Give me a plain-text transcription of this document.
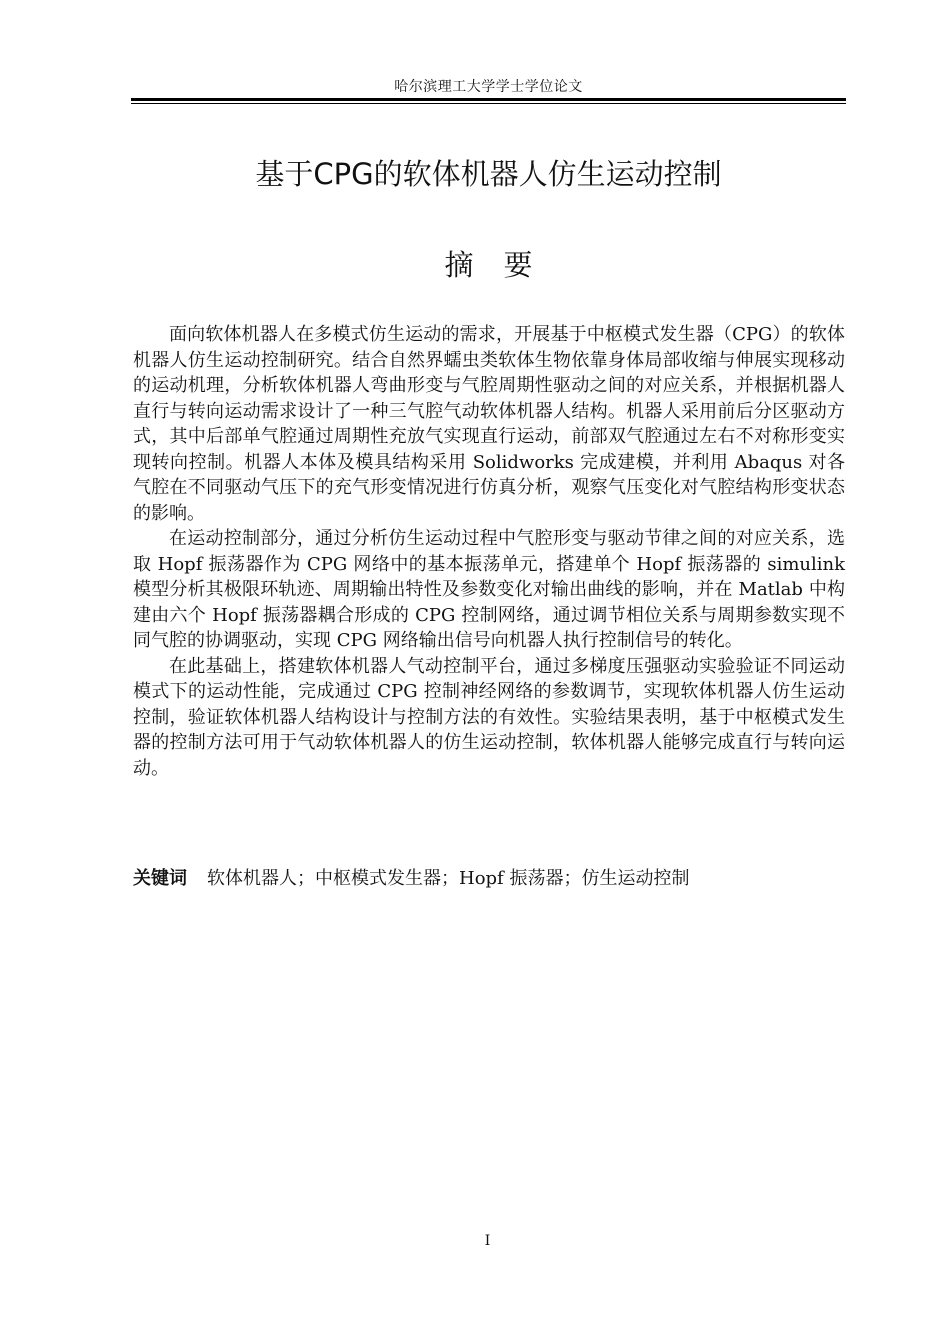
哈尔滨理工大学学士学位论文
基于CPG的软体机器人仿生运动控制
摘要

面向软体机器人在多模式仿生运动的需求，开展基于中枢模式发生器（CPG）的软体机器人仿生运动控制研究。结合自然界蠕虫类软体生物依靠身体局部收缩与伸展实现移动的运动机理，分析软体机器人弯曲形变与气腔周期性驱动之间的对应关系，并根据机器人直行与转向运动需求设计了一种三气腔气动软体机器人结构。机器人采用前后分区驱动方式，其中后部单气腔通过周期性充放气实现直行运动，前部双气腔通过左右不对称形变实现转向控制。机器人本体及模具结构采用 Solidworks 完成建模，并利用 Abaqus 对各气腔在不同驱动气压下的充气形变情况进行仿真分析，观察气压变化对气腔结构形变状态的影响。

在运动控制部分，通过分析仿生运动过程中气腔形变与驱动节律之间的对应关系，选取 Hopf 振荡器作为 CPG 网络中的基本振荡单元，搭建单个 Hopf 振荡器的 simulink 模型分析其极限环轨迹、周期输出特性及参数变化对输出曲线的影响，并在 Matlab 中构建由六个 Hopf 振荡器耦合形成的 CPG 控制网络，通过调节相位关系与周期参数实现不同气腔的协调驱动，实现 CPG 网络输出信号向机器人执行控制信号的转化。

在此基础上，搭建软体机器人气动控制平台，通过多梯度压强驱动实验验证不同运动模式下的运动性能，完成通过 CPG 控制神经网络的参数调节，实现软体机器人仿生运动控制，验证软体机器人结构设计与控制方法的有效性。实验结果表明，基于中枢模式发生器的控制方法可用于气动软体机器人的仿生运动控制，软体机器人能够完成直行与转向运动。

关键词 软体机器人；中枢模式发生器；Hopf 振荡器；仿生运动控制
I
